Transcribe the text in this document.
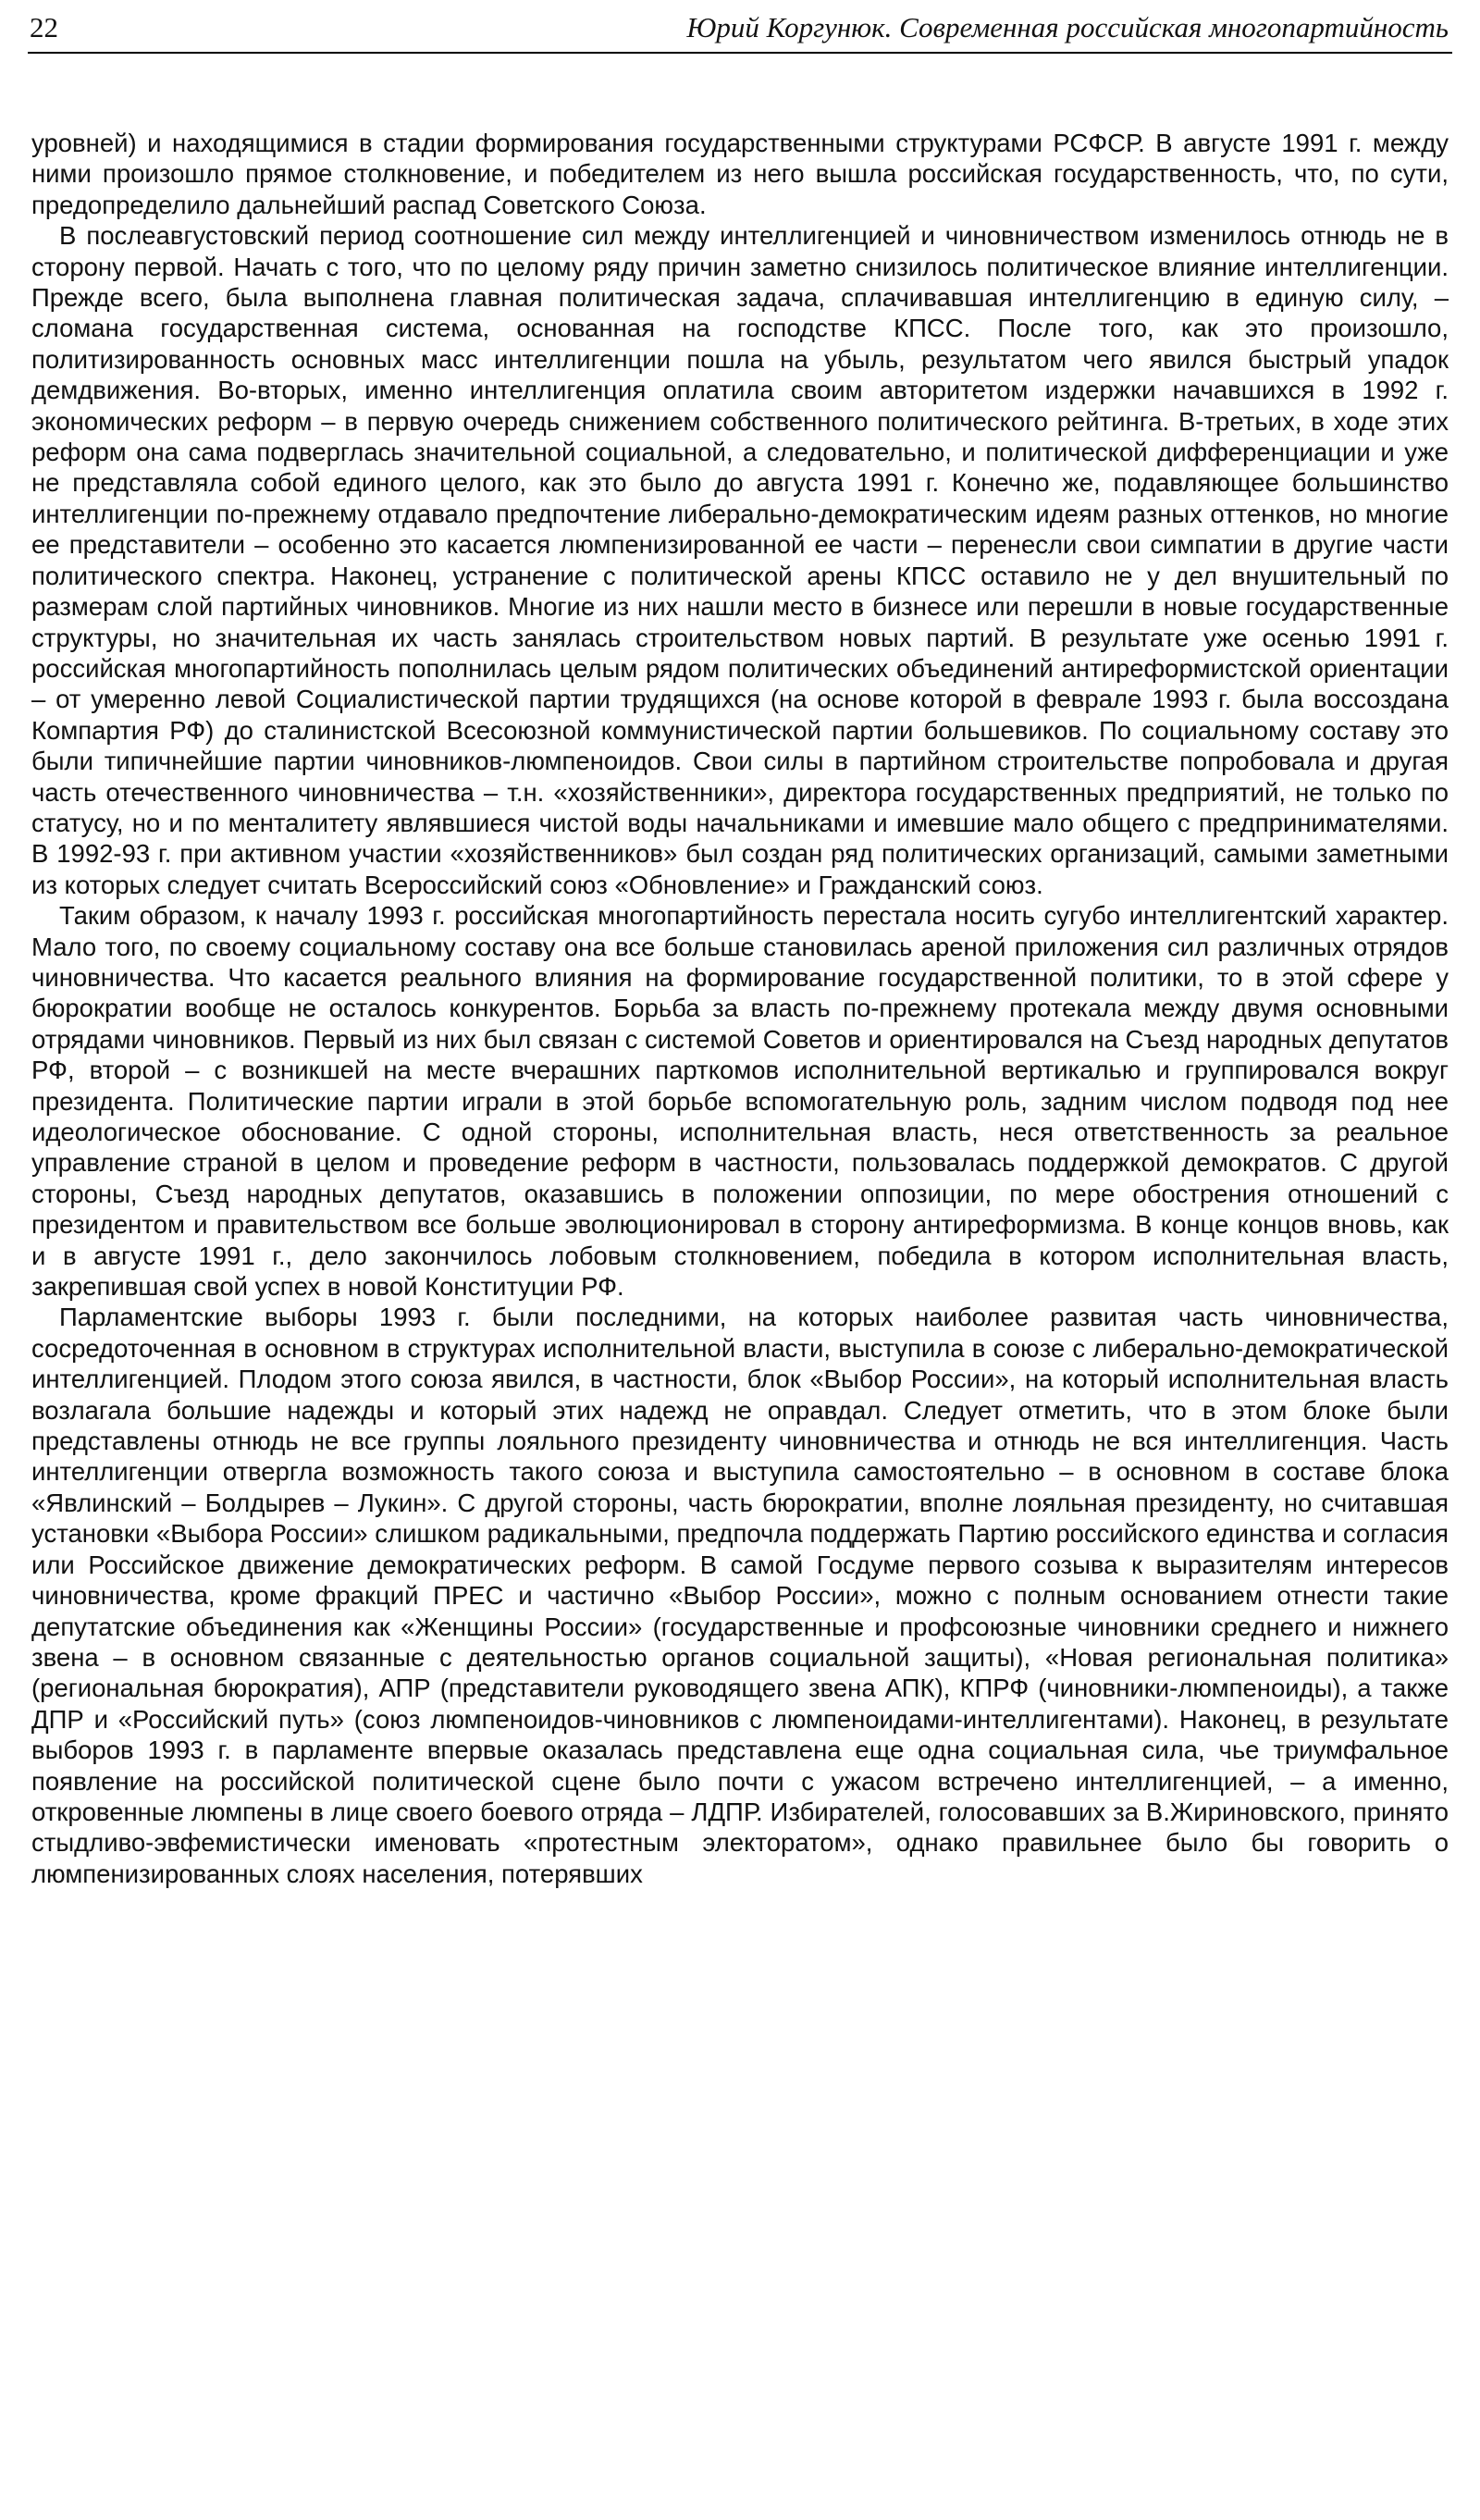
22	Юрий Коргунюк. Современная российская многопартийность

уровней) и находящимися в стадии формирования государственными структурами РСФСР. В августе 1991 г. между ними произошло прямое столкновение, и победителем из него вышла российская государственность, что, по сути, предопределило дальнейший распад Советского Союза.

В послеавгустовский период соотношение сил между интеллигенцией и чиновничеством изменилось отнюдь не в сторону первой. Начать с того, что по целому ряду причин заметно снизилось политическое влияние интеллигенции. Прежде всего, была выполнена главная политическая задача, сплачивавшая интеллигенцию в единую силу, – сломана государственная система, основанная на господстве КПСС. После того, как это произошло, политизированность основных масс интеллигенции пошла на убыль, результатом чего явился быстрый упадок демдвижения. Во-вторых, именно интеллигенция оплатила своим авторитетом издержки начавшихся в 1992 г. экономических реформ – в первую очередь снижением собственного политического рейтинга. В-третьих, в ходе этих реформ она сама подверглась значительной социальной, а следовательно, и политической дифференциации и уже не представляла собой единого целого, как это было до августа 1991 г. Конечно же, подавляющее большинство интеллигенции по-прежнему отдавало предпочтение либерально-демократическим идеям разных оттенков, но многие ее представители – особенно это касается люмпенизированной ее части – перенесли свои симпатии в другие части политического спектра. Наконец, устранение с политической арены КПСС оставило не у дел внушительный по размерам слой партийных чиновников. Многие из них нашли место в бизнесе или перешли в новые государственные структуры, но значительная их часть занялась строительством новых партий. В результате уже осенью 1991 г. российская многопартийность пополнилась целым рядом политических объединений антиреформистской ориентации – от умеренно левой Социалистической партии трудящихся (на основе которой в феврале 1993 г. была воссоздана Компартия РФ) до сталинистской Всесоюзной коммунистической партии большевиков. По социальному составу это были типичнейшие партии чиновников-люмпеноидов. Свои силы в партийном строительстве попробовала и другая часть отечественного чиновничества – т.н. «хозяйственники», директора государственных предприятий, не только по статусу, но и по менталитету являвшиеся чистой воды начальниками и имевшие мало общего с предпринимателями. В 1992-93 г. при активном участии «хозяйственников» был создан ряд политических организаций, самыми заметными из которых следует считать Всероссийский союз «Обновление» и Гражданский союз.

Таким образом, к началу 1993 г. российская многопартийность перестала носить сугубо интеллигентский характер. Мало того, по своему социальному составу она все больше становилась ареной приложения сил различных отрядов чиновничества. Что касается реального влияния на формирование государственной политики, то в этой сфере у бюрократии вообще не осталось конкурентов. Борьба за власть по-прежнему протекала между двумя основными отрядами чиновников. Первый из них был связан с системой Советов и ориентировался на Съезд народных депутатов РФ, второй – с возникшей на месте вчерашних парткомов исполнительной вертикалью и группировался вокруг президента. Политические партии играли в этой борьбе вспомогательную роль, задним числом подводя под нее идеологическое обоснование. С одной стороны, исполнительная власть, неся ответственность за реальное управление страной в целом и проведение реформ в частности, пользовалась поддержкой демократов. С другой стороны, Съезд народных депутатов, оказавшись в положении оппозиции, по мере обострения отношений с президентом и правительством все больше эволюционировал в сторону антиреформизма. В конце концов вновь, как и в августе 1991 г., дело закончилось лобовым столкновением, победила в котором исполнительная власть, закрепившая свой успех в новой Конституции РФ.

Парламентские выборы 1993 г. были последними, на которых наиболее развитая часть чиновничества, сосредоточенная в основном в структурах исполнительной власти, выступила в союзе с либерально-демократической интеллигенцией. Плодом этого союза явился, в частности, блок «Выбор России», на который исполнительная власть возлагала большие надежды и который этих надежд не оправдал. Следует отметить, что в этом блоке были представлены отнюдь не все группы лояльного президенту чиновничества и отнюдь не вся интеллигенция. Часть интеллигенции отвергла возможность такого союза и выступила самостоятельно – в основном в составе блока «Явлинский – Болдырев – Лукин». С другой стороны, часть бюрократии, вполне лояльная президенту, но считавшая установки «Выбора России» слишком радикальными, предпочла поддержать Партию российского единства и согласия или Российское движение демократических реформ. В самой Госдуме первого созыва к выразителям интересов чиновничества, кроме фракций ПРЕС и частично «Выбор России», можно с полным основанием отнести такие депутатские объединения как «Женщины России» (государственные и профсоюзные чиновники среднего и нижнего звена – в основном связанные с деятельностью органов социальной защиты), «Новая региональная политика» (региональная бюрократия), АПР (представители руководящего звена АПК), КПРФ (чиновники-люмпеноиды), а также ДПР и «Российский путь» (союз люмпеноидов-чиновников с люмпеноидами-интеллигентами). Наконец, в результате выборов 1993 г. в парламенте впервые оказалась представлена еще одна социальная сила, чье триумфальное появление на российской политической сцене было почти с ужасом встречено интеллигенцией, – а именно, откровенные люмпены в лице своего боевого отряда – ЛДПР. Избирателей, голосовавших за В.Жириновского, принято стыдливо-эвфемистически именовать «протестным электоратом», однако правильнее было бы говорить о люмпенизированных слоях населения, потерявших
